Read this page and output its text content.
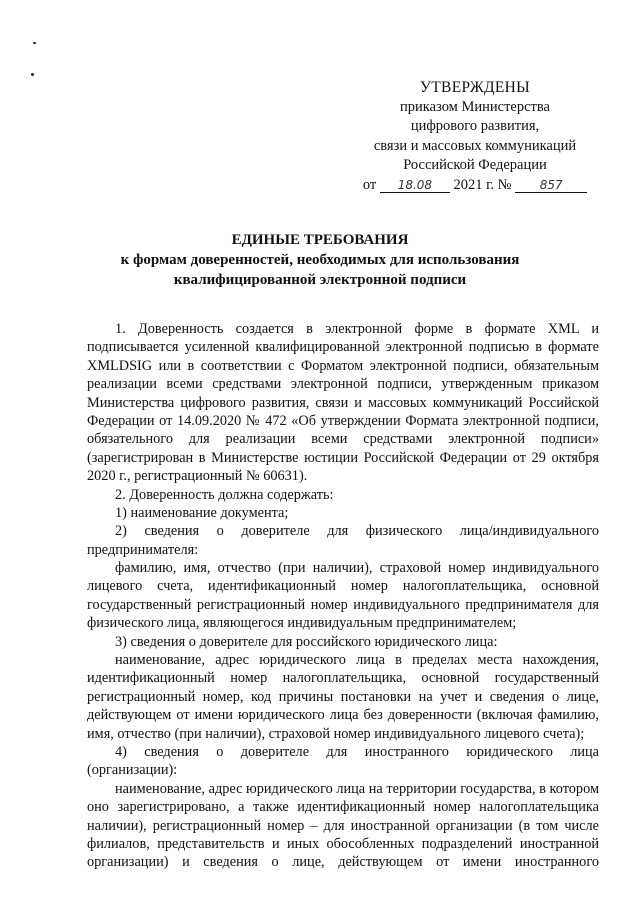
УТВЕРЖДЕНЫ
приказом Министерства
цифрового развития,
связи и массовых коммуникаций
Российской Федерации
от 18.08 2021 г. № 857
ЕДИНЫЕ ТРЕБОВАНИЯ
к формам доверенностей, необходимых для использования
квалифицированной электронной подписи
1. Доверенность создается в электронной форме в формате XML и
подписывается усиленной квалифицированной электронной подписью в формате
XMLDSIG или в соответствии с Форматом электронной подписи, обязательным
реализации всеми средствами электронной подписи, утвержденным приказом
Министерства цифрового развития, связи и массовых коммуникаций Российской
Федерации от 14.09.2020 № 472 «Об утверждении Формата электронной подписи,
обязательного для реализации всеми средствами электронной подписи»
(зарегистрирован в Министерстве юстиции Российской Федерации от 29 октября
2020 г., регистрационный № 60631).
2. Доверенность должна содержать:
1) наименование документа;
2) сведения о доверителе для физического лица/индивидуального
предпринимателя:
фамилию, имя, отчество (при наличии), страховой номер индивидуального
лицевого счета, идентификационный номер налогоплательщика, основной
государственный регистрационный номер индивидуального предпринимателя для
физического лица, являющегося индивидуальным предпринимателем;
3) сведения о доверителе для российского юридического лица:
наименование, адрес юридического лица в пределах места нахождения,
идентификационный номер налогоплательщика, основной государственный
регистрационный номер, код причины постановки на учет и сведения о лице,
действующем от имени юридического лица без доверенности (включая фамилию,
имя, отчество (при наличии), страховой номер индивидуального лицевого счета);
4) сведения о доверителе для иностранного юридического лица
(организации):
наименование, адрес юридического лица на территории государства, в котором
оно зарегистрировано, а также идентификационный номер налогоплательщика
наличии), регистрационный номер – для иностранной организации (в том числе
филиалов, представительств и иных обособленных подразделений иностранной
организации) и сведения о лице, действующем от имени иностранного
